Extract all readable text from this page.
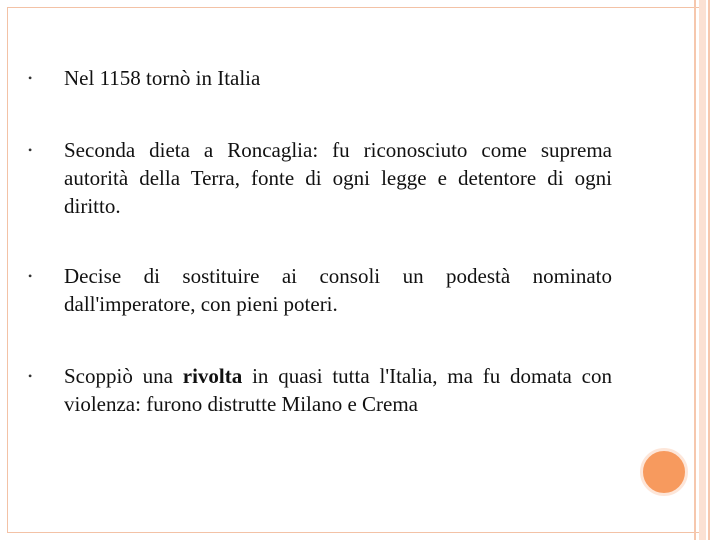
• Nel 1158 tornò in Italia
• Seconda dieta a Roncaglia: fu riconosciuto come suprema autorità della Terra, fonte di ogni legge e detentore di ogni diritto.
• Decise di sostituire ai consoli un podestà nominato dall'imperatore, con pieni poteri.
• Scoppiò una rivolta in quasi tutta l'Italia, ma fu domata con violenza: furono distrutte Milano e Crema
